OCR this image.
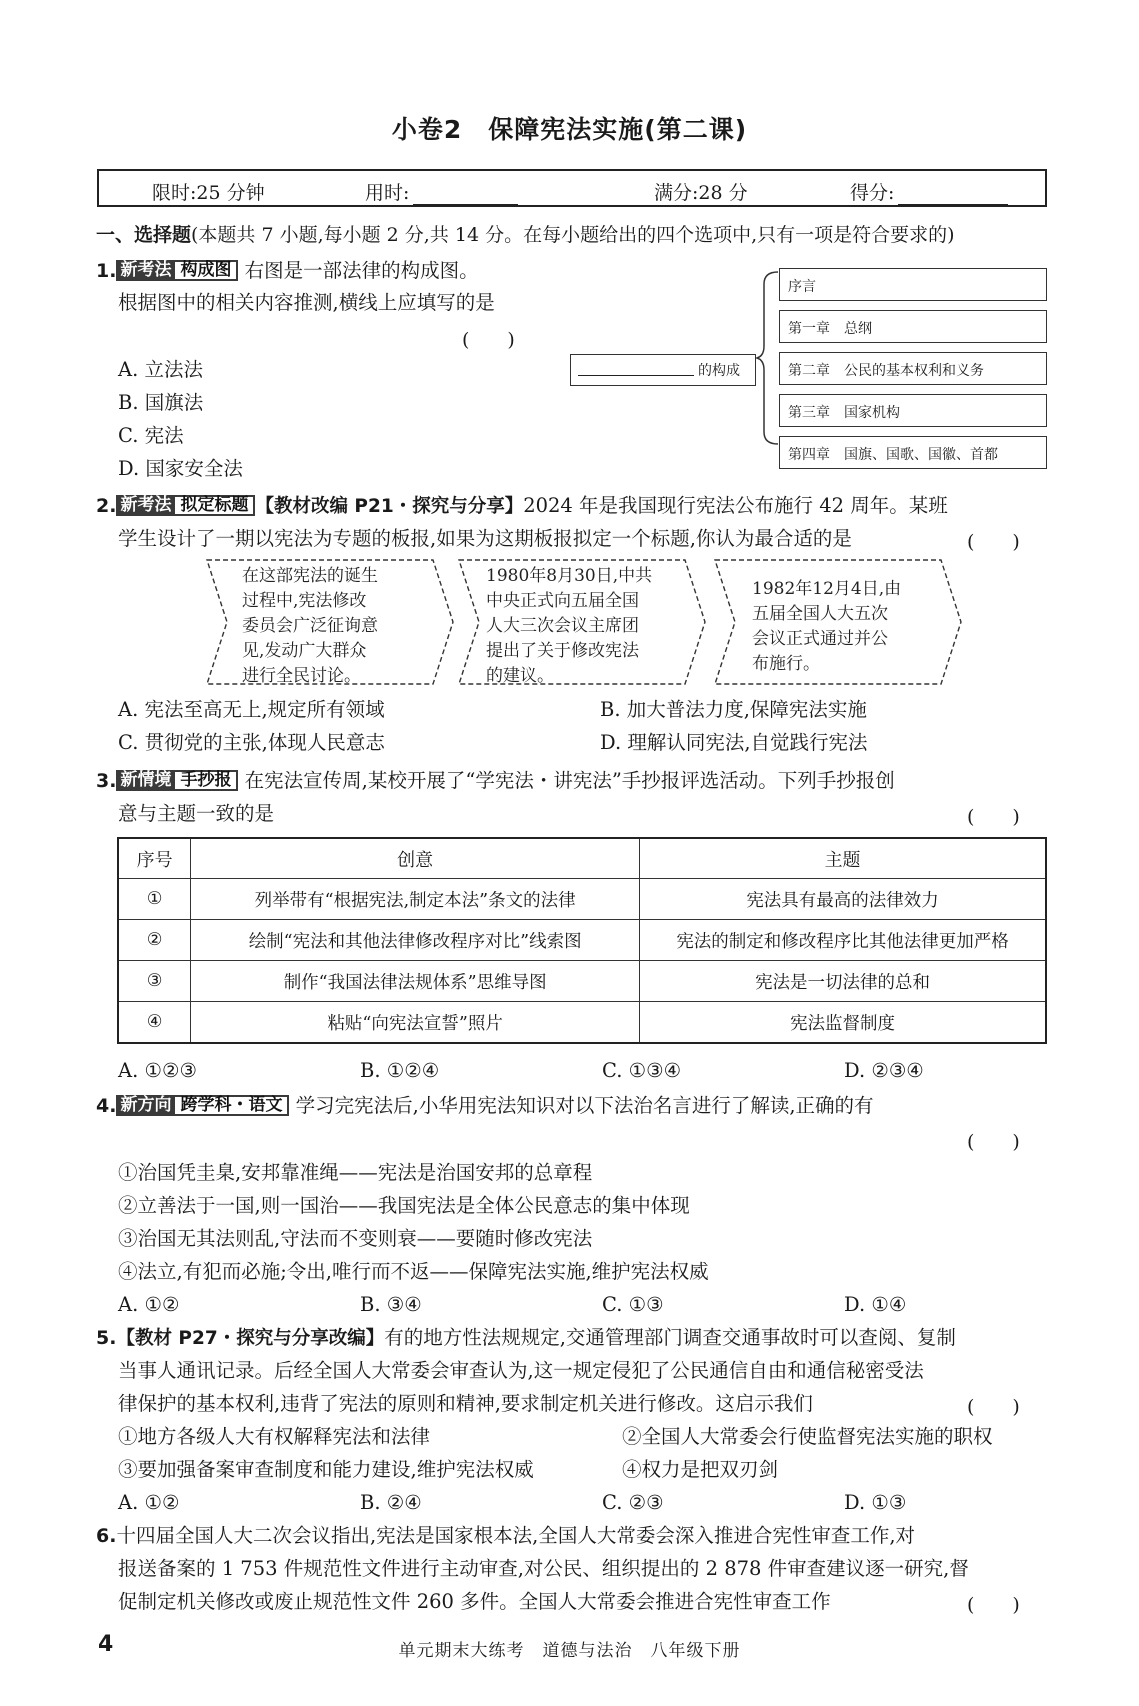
小卷2　保障宪法实施(第二课)
限时:25 分钟	用时:	满分:28 分	得分:
一、选择题(本题共 7 小题,每小题 2 分,共 14 分。在每小题给出的四个选项中,只有一项是符合要求的)
1. 新考法 构成图 右图是一部法律的构成图。
根据图中的相关内容推测,横线上应填写的是
(　　)
A. 立法法
B. 国旗法
C. 宪法
D. 国家安全法
的构成
序言
第一章　总纲
第二章　公民的基本权利和义务
第三章　国家机构
第四章　国旗、国歌、国徽、首都
2. 新考法 拟定标题 【教材改编 P21・探究与分享】2024 年是我国现行宪法公布施行 42 周年。某班
学生设计了一期以宪法为专题的板报,如果为这期板报拟定一个标题,你认为最合适的是	(　　)
在这部宪法的诞生
过程中,宪法修改
委员会广泛征询意
见,发动广大群众
进行全民讨论。
1980年8月30日,中共
中央正式向五届全国
人大三次会议主席团
提出了关于修改宪法
的建议。
1982年12月4日,由
五届全国人大五次
会议正式通过并公
布施行。
A. 宪法至高无上,规定所有领域	B. 加大普法力度,保障宪法实施
C. 贯彻党的主张,体现人民意志	D. 理解认同宪法,自觉践行宪法
3. 新情境 手抄报 在宪法宣传周,某校开展了“学宪法・讲宪法”手抄报评选活动。下列手抄报创
意与主题一致的是	(　　)
序号	创意	主题
①	列举带有“根据宪法,制定本法”条文的法律	宪法具有最高的法律效力
②	绘制“宪法和其他法律修改程序对比”线索图	宪法的制定和修改程序比其他法律更加严格
③	制作“我国法律法规体系”思维导图	宪法是一切法律的总和
④	粘贴“向宪法宣誓”照片	宪法监督制度
A. ①②③	B. ①②④	C. ①③④	D. ②③④
4. 新方向 跨学科・语文 学习完宪法后,小华用宪法知识对以下法治名言进行了解读,正确的有
(　　)
①治国凭圭臬,安邦靠准绳——宪法是治国安邦的总章程
②立善法于一国,则一国治——我国宪法是全体公民意志的集中体现
③治国无其法则乱,守法而不变则衰——要随时修改宪法
④法立,有犯而必施;令出,唯行而不返——保障宪法实施,维护宪法权威
A. ①②	B. ③④	C. ①③	D. ①④
5.【教材 P27・探究与分享改编】有的地方性法规规定,交通管理部门调查交通事故时可以查阅、复制
当事人通讯记录。后经全国人大常委会审查认为,这一规定侵犯了公民通信自由和通信秘密受法
律保护的基本权利,违背了宪法的原则和精神,要求制定机关进行修改。这启示我们	(　　)
①地方各级人大有权解释宪法和法律	②全国人大常委会行使监督宪法实施的职权
③要加强备案审查制度和能力建设,维护宪法权威	④权力是把双刃剑
A. ①②	B. ②④	C. ②③	D. ①③
6.十四届全国人大二次会议指出,宪法是国家根本法,全国人大常委会深入推进合宪性审查工作,对
报送备案的 1 753 件规范性文件进行主动审查,对公民、组织提出的 2 878 件审查建议逐一研究,督
促制定机关修改或废止规范性文件 260 多件。全国人大常委会推进合宪性审查工作	(　　)
4	单元期末大练考　道德与法治　八年级下册
